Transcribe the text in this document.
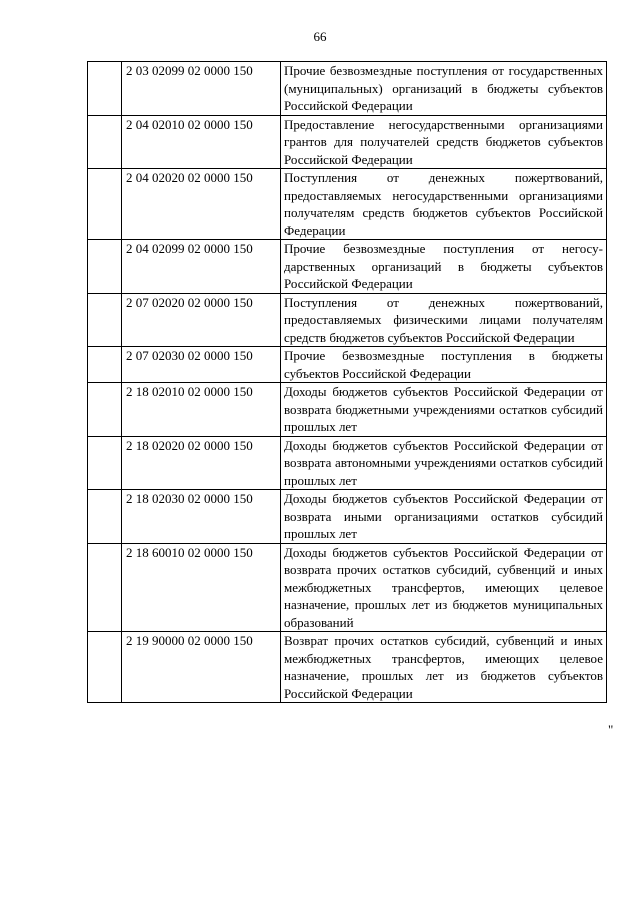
66
	2 03 02099 02 0000 150	Прочие безвозмездные поступления от государственных (муниципальных) организаций в бюджеты субъектов Российской Федерации
	2 04 02010 02 0000 150	Предоставление негосударственными организациями грантов для получателей средств бюджетов субъектов Российской Федерации
	2 04 02020 02 0000 150	Поступления от денежных пожертвований, предоставляемых негосударственными организациями получателям средств бюджетов субъектов Российской Федерации
	2 04 02099 02 0000 150	Прочие безвозмездные поступления от негосударственных организаций в бюджеты субъектов Российской Федерации
	2 07 02020 02 0000 150	Поступления от денежных пожертвований, предоставляемых физическими лицами получателям средств бюджетов субъектов Российской Федерации
	2 07 02030 02 0000 150	Прочие безвозмездные поступления в бюджеты субъектов Российской Федерации
	2 18 02010 02 0000 150	Доходы бюджетов субъектов Российской Федерации от возврата бюджетными учреждениями остатков субсидий прошлых лет
	2 18 02020 02 0000 150	Доходы бюджетов субъектов Российской Федерации от возврата автономными учреждениями остатков субсидий прошлых лет
	2 18 02030 02 0000 150	Доходы бюджетов субъектов Российской Федерации от возврата иными организациями остатков субсидий прошлых лет
	2 18 60010 02 0000 150	Доходы бюджетов субъектов Российской Федерации от возврата прочих остатков субсидий, субвенций и иных межбюджетных трансфертов, имеющих целевое назначение, прошлых лет из бюджетов муниципальных образований
	2 19 90000 02 0000 150	Возврат прочих остатков субсидий, субвенций и иных межбюджетных трансфертов, имеющих целевое назначение, прошлых лет из бюджетов субъектов Российской Федерации
"
